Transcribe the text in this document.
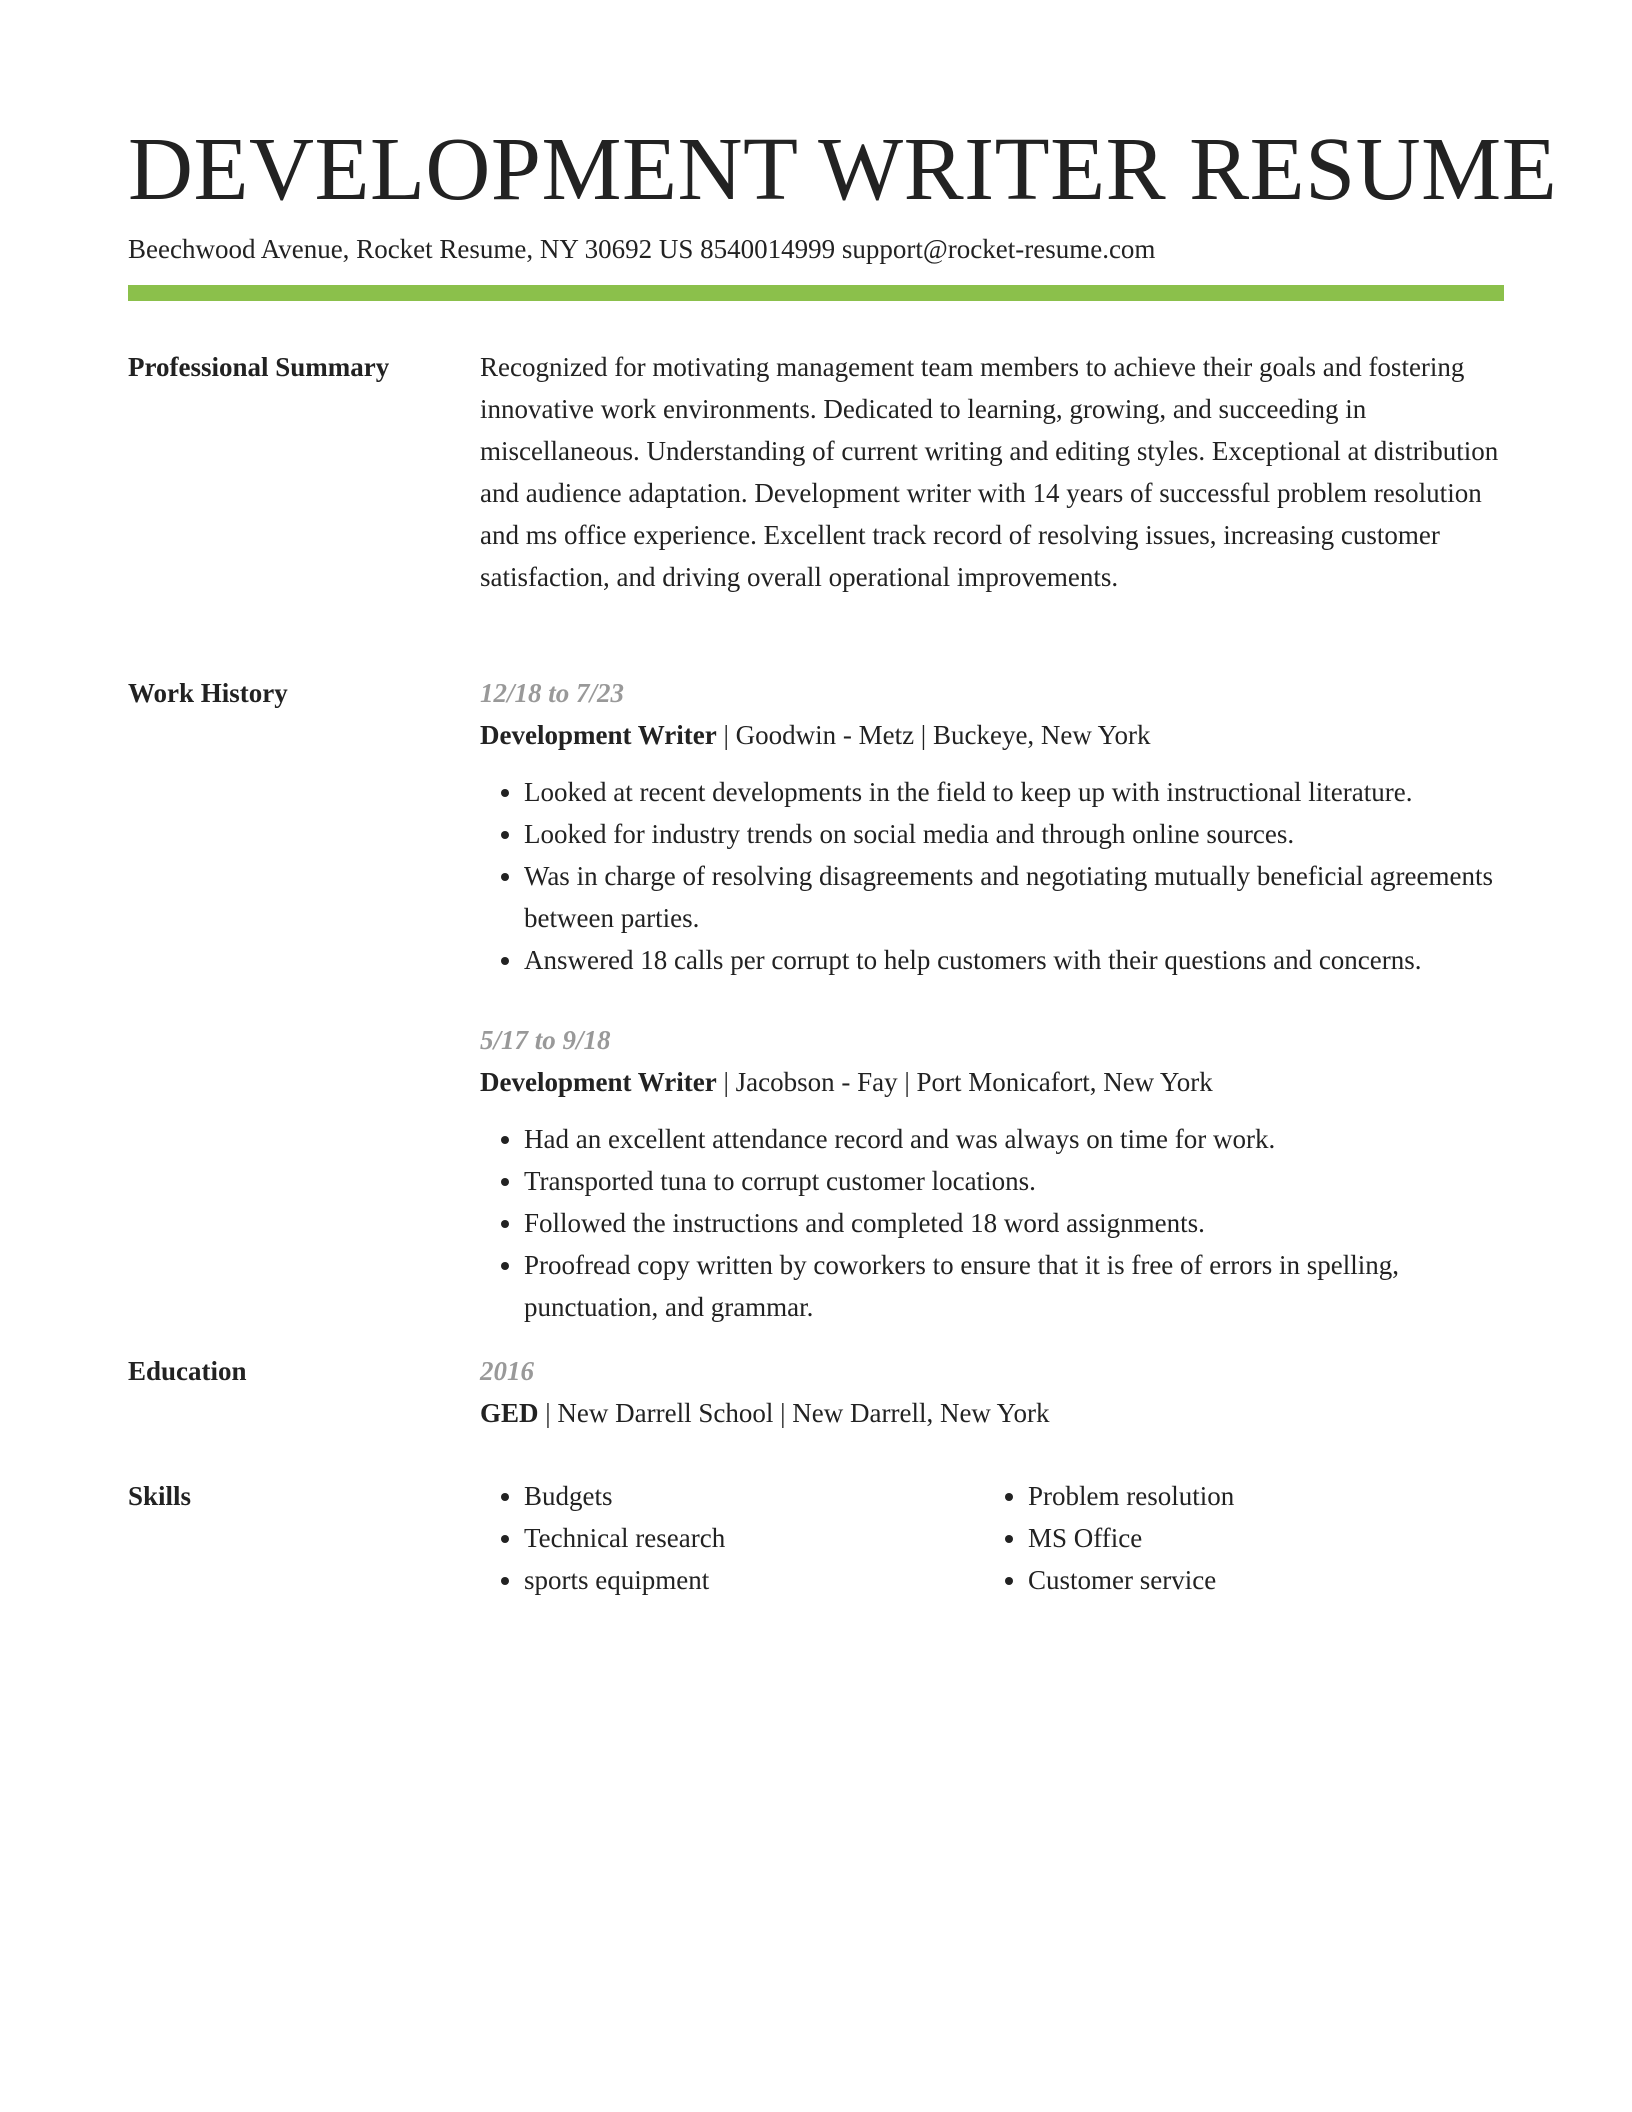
DEVELOPMENT WRITER RESUME
Beechwood Avenue, Rocket Resume, NY 30692 US 8540014999 support@rocket-resume.com
Professional Summary	Recognized for motivating management team members to achieve their goals and fostering innovative work environments. Dedicated to learning, growing, and succeeding in miscellaneous. Understanding of current writing and editing styles. Exceptional at distribution and audience adaptation. Development writer with 14 years of successful problem resolution and ms office experience. Excellent track record of resolving issues, increasing customer satisfaction, and driving overall operational improvements.

Work History	12/18 to 7/23
Development Writer | Goodwin - Metz | Buckeye, New York
• Looked at recent developments in the field to keep up with instructional literature.
• Looked for industry trends on social media and through online sources.
• Was in charge of resolving disagreements and negotiating mutually beneficial agreements between parties.
• Answered 18 calls per corrupt to help customers with their questions and concerns.
5/17 to 9/18
Development Writer | Jacobson - Fay | Port Monicafort, New York
• Had an excellent attendance record and was always on time for work.
• Transported tuna to corrupt customer locations.
• Followed the instructions and completed 18 word assignments.
• Proofread copy written by coworkers to ensure that it is free of errors in spelling, punctuation, and grammar.
Education	2016
GED | New Darrell School | New Darrell, New York
Skills
•	Budgets
• Technical research
• sports equipment
• Problem resolution
• MS Office
• Customer service
